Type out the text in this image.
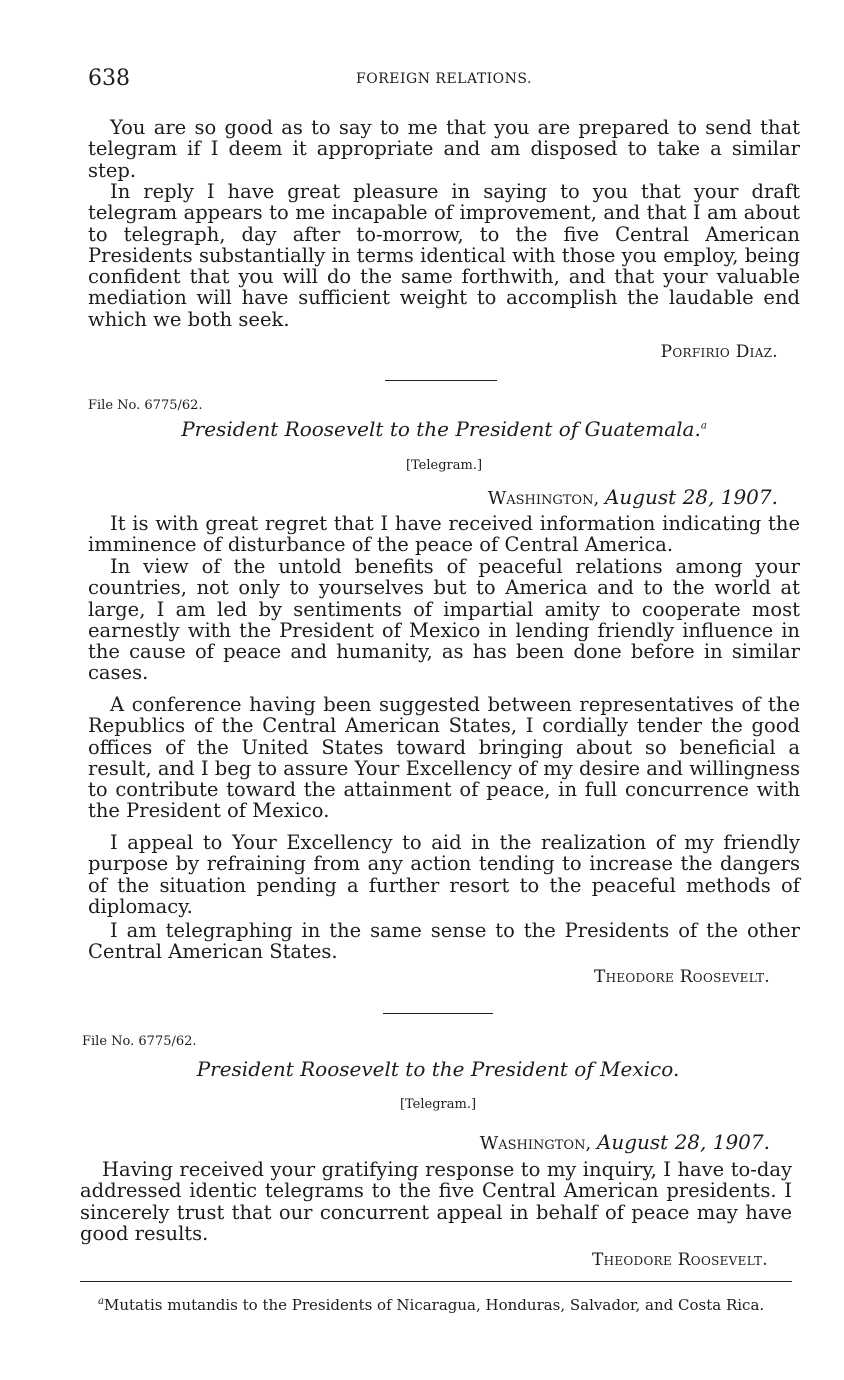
638	FOREIGN RELATIONS.

You are so good as to say to me that you are prepared to send that telegram if I deem it appropriate and am disposed to take a similar step.

In reply I have great pleasure in saying to you that your draft telegram appears to me incapable of improvement, and that I am about to telegraph, day after to-morrow, to the five Central American Presidents substantially in terms identical with those you employ, being confident that you will do the same forthwith, and that your valuable mediation will have sufficient weight to accomplish the laudable end which we both seek.

Porfirio Diaz.
File No. 6775/62.
President Roosevelt to the President of Guatemala.$^a$
[Telegram.]
Washington, August 28, 1907.

It is with great regret that I have received information indicating the imminence of disturbance of the peace of Central America.

In view of the untold benefits of peaceful relations among your countries, not only to yourselves but to America and to the world at large, I am led by sentiments of impartial amity to cooperate most earnestly with the President of Mexico in lending friendly influence in the cause of peace and humanity, as has been done before in similar cases.

A conference having been suggested between representatives of the Republics of the Central American States, I cordially tender the good offices of the United States toward bringing about so beneficial a result, and I beg to assure Your Excellency of my desire and willingness to contribute toward the attainment of peace, in full concurrence with the President of Mexico.

I appeal to Your Excellency to aid in the realization of my friendly purpose by refraining from any action tending to increase the dangers of the situation pending a further resort to the peaceful methods of diplomacy.

I am telegraphing in the same sense to the Presidents of the other Central American States.

Theodore Roosevelt.
File No. 6775/62.
President Roosevelt to the President of Mexico.
[Telegram.]
Washington, August 28, 1907.

Having received your gratifying response to my inquiry, I have to-day addressed identic telegrams to the five Central American presidents. I sincerely trust that our concurrent appeal in behalf of peace may have good results.

Theodore Roosevelt.
$^a$Mutatis mutandis to the Presidents of Nicaragua, Honduras, Salvador, and Costa Rica.
